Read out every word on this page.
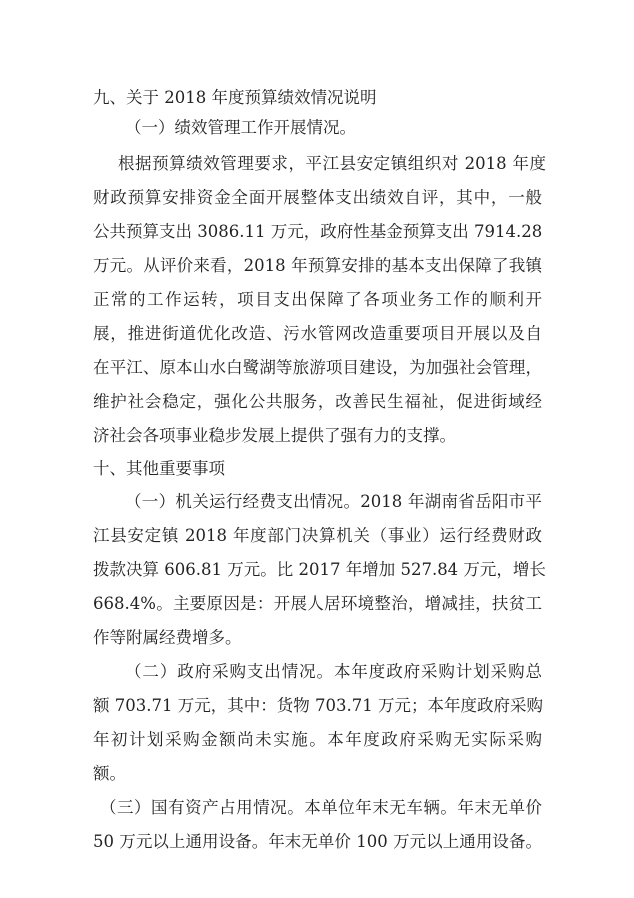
九、关于 2018 年度预算绩效情况说明
（一）绩效管理工作开展情况。
根据预算绩效管理要求，平江县安定镇组织对 2018 年度
财政预算安排资金全面开展整体支出绩效自评，其中，一般
公共预算支出 3086.11 万元，政府性基金预算支出 7914.28
万元。从评价来看，2018 年预算安排的基本支出保障了我镇
正常的工作运转，项目支出保障了各项业务工作的顺利开
展，推进街道优化改造、污水管网改造重要项目开展以及自
在平江、原本山水白鹭湖等旅游项目建设，为加强社会管理，
维护社会稳定，强化公共服务，改善民生福祉，促进街域经
济社会各项事业稳步发展上提供了强有力的支撑。
十、其他重要事项
（一）机关运行经费支出情况。2018 年湖南省岳阳市平
江县安定镇 2018 年度部门决算机关（事业）运行经费财政
拨款决算 606.81 万元。比 2017 年增加 527.84 万元，增长
668.4%。主要原因是：开展人居环境整治，增减挂，扶贫工
作等附属经费增多。
（二）政府采购支出情况。本年度政府采购计划采购总
额 703.71 万元，其中：货物 703.71 万元；本年度政府采购
年初计划采购金额尚未实施。本年度政府采购无实际采购
额。
（三）国有资产占用情况。本单位年末无车辆。年末无单价
50 万元以上通用设备。年末无单价 100 万元以上通用设备。
